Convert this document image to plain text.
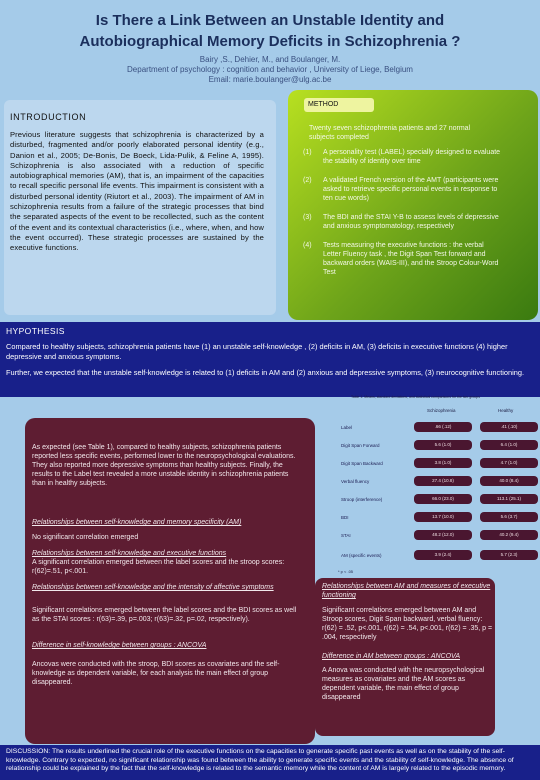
Is There a Link Between an Unstable Identity and
Autobiographical Memory Deficits in Schizophrenia ?
Bairy ,S., Dehier, M., and Boulanger, M.
Department of psychology : cognition and behavior , University of Liege, Belgium
Email: marie.boulanger@ulg.ac.be
INTRODUCTION

Previous literature suggests that schizophrenia is characterized by a disturbed, fragmented and/or poorly elaborated personal identity (e.g., Danion et al., 2005; De-Bonis, De Boeck, Lida-Pulik, & Feline A, 1995). Schizophrenia is also associated with a reduction of specific autobiographical memories (AM), that is, an impairment of the capacities to recall specific personal life events. This impairment is consistent with a disturbed personal identity (Riutort et al., 2003). The impairment of AM in schizophrenia results from a failure of the strategic processes that bind the separated aspects of the event to be recollected, such as the content of the event and its contextual characteristics (i.e., where, when, and how the event occurred). These strategic processes are sustained by the executive functions.

METHOD
Twenty seven schizophrenia patients and 27 normal subjects completed
(1)	A personality test (LABEL) specially designed to evaluate the stability of identity over time
(2)	A validated French version of the AMT (participants were asked to retrieve specific personal events in response to ten cue words)
(3)	The BDI and the STAI Y-B to assess levels of depressive and anxious symptomatology, respectively
(4)	Tests measuring the executive functions : the verbal Letter Fluency task , the Digit Span Test forward and backward orders (WAIS-III), and the Stroop Colour-Word Test
HYPOTHESIS

Compared to healthy subjects, schizophrenia patients have (1) an unstable self-knowledge , (2) deficits in AM, (3) deficits in executive functions (4) higher depressive and anxious symptoms.

Further, we expected that the unstable self-knowledge is related to (1) deficits in AM and (2) anxious and depressive symptoms, (3) neurocognitive functioning.

As expected (see Table 1), compared to healthy subjects, schizophrenia patients reported less specific events, performed lower to the neuropsychological evaluations. They also reported more depressive symptoms than healthy subjects. Finally, the results to the Label test revealed a more unstable identity in schizophrenia patients than in healthy subjects.
Relationships between self-knowledge and memory specificity (AM)
No significant correlation emerged
Relationships between self-knowledge and executive functions
A significant correlation emerged between the label scores and the stroop scores: r(62)=.51, p<.001.
Relationships between self-knowledge and the intensity of affective symptoms
Significant correlations emerged between the label scores and the BDI scores as well as the STAI scores : r(63)=.39, p=.003; r(63)=.32, p=.02, respectively).
Difference in self-knowledge between groups : ANCOVA
Ancovas were conducted with the stroop, BDI scores as covariates and the self-knowledge as dependent variable, for each analysis the main effect of group disappeared.
Table 1. Means, standard deviations, and statistical comparisons for the two groups
Schizophrenia	Healthy
Label	.66 (.12)	.41 (.10)
Digit Span Forward	5.6 (1.0)	6.4 (1.0)
Digit Span Backward	3.8 (1.0)	4.7 (1.0)
Verbal fluency	27.4 (10.8)	40.0 (8.4)
Stroop (interference)	66.0 (23.0)	113.1 (25.1)
BDI	13.7 (10.0)	5.6 (3.7)
STAI	48.2 (12.0)	40.2 (9.4)
AM (specific events)	3.9 (2.4)	5.7 (2.3)
* p < .05
Relationships between AM and measures of executive functioning
Significant correlations emerged between AM and Stroop scores, Digit Span backward, verbal fluency: r(62) = .52, p<.001, r(62) = .54, p<.001, r(62) = .35, p = .004, respectively
Difference in AM between groups : ANCOVA
A Anova was conducted with the neuropsychological measures as covariates and the AM scores as dependent variable, the main effect of group disappeared

DISCUSSION: The results underlined the crucial role of the executive functions on the capacities to generate specific past events as well as on the stability of the self-knowledge. Contrary to expected, no significant relationship was found between the ability to generate specific events and the stability of self-knowledge. The absence of relationship could be explained by the fact that the self-knowledge is related to the semantic memory while the content of AM is largely related to the episodic memory.
